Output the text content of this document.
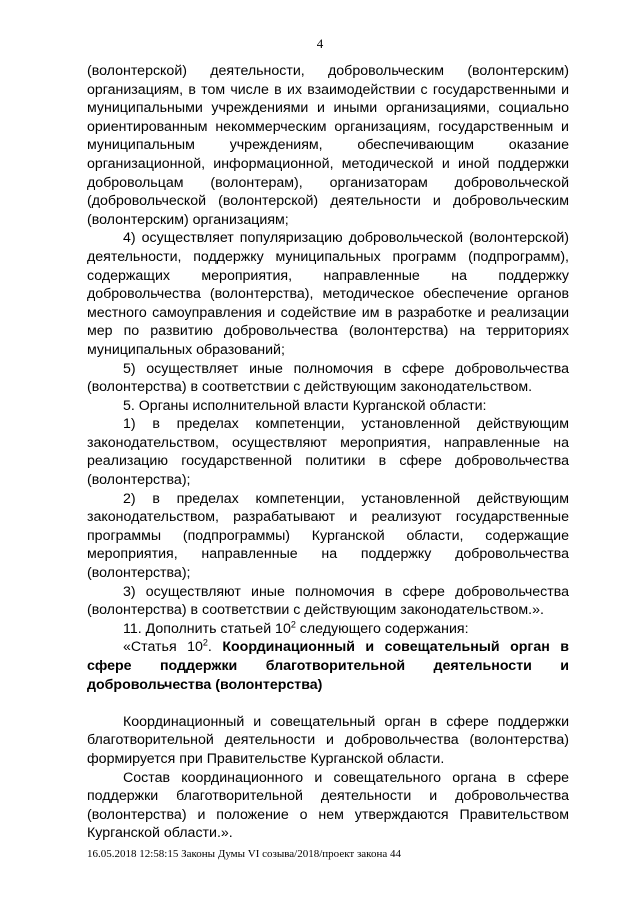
4

(волонтерской) деятельности, добровольческим (волонтерским) организациям, в том числе в их взаимодействии с государственными и муниципальными учреждениями и иными организациями, социально ориентированным некоммерческим организациям, государственным и муниципальным учреждениям, обеспечивающим оказание организационной, информационной, методической и иной поддержки добровольцам (волонтерам), организаторам добровольческой (добровольческой (волонтерской) деятельности и добровольческим (волонтерским) организациям;

4) осуществляет популяризацию добровольческой (волонтерской) деятельности, поддержку муниципальных программ (подпрограмм), содержащих мероприятия, направленные на поддержку добровольчества (волонтерства), методическое обеспечение органов местного самоуправления и содействие им в разработке и реализации мер по развитию добровольчества (волонтерства) на территориях муниципальных образований;

5) осуществляет иные полномочия в сфере добровольчества (волонтерства) в соответствии с действующим законодательством.

5. Органы исполнительной власти Курганской области:

1) в пределах компетенции, установленной действующим законодательством, осуществляют мероприятия, направленные на реализацию государственной политики в сфере добровольчества (волонтерства);

2) в пределах компетенции, установленной действующим законодательством, разрабатывают и реализуют государственные программы (подпрограммы) Курганской области, содержащие мероприятия, направленные на поддержку добровольчества (волонтерства);

3) осуществляют иные полномочия в сфере добровольчества (волонтерства) в соответствии с действующим законодательством.».

11. Дополнить статьей $10^2$ следующего содержания:

«Статья $10^2$. Координационный и совещательный орган в сфере поддержки благотворительной деятельности и добровольчества (волонтерства)

Координационный и совещательный орган в сфере поддержки благотворительной деятельности и добровольчества (волонтерства) формируется при Правительстве Курганской области.

Состав координационного и совещательного органа в сфере поддержки благотворительной деятельности и добровольчества (волонтерства) и положение о нем утверждаются Правительством Курганской области.».

16.05.2018 12:58:15 Законы Думы VI созыва/2018/проект закона 44
